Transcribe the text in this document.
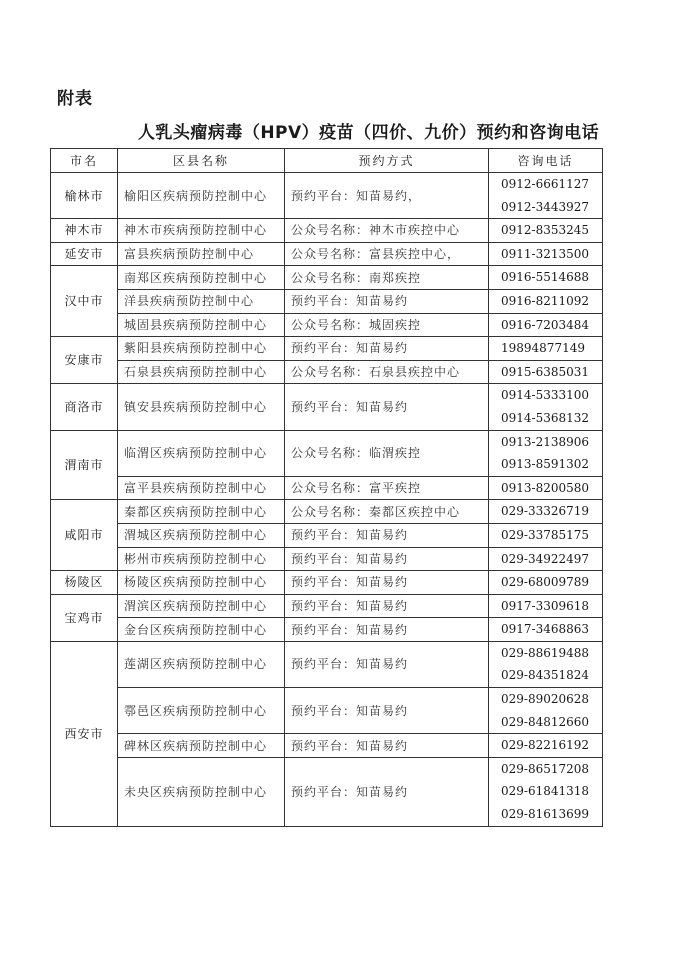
附表
人乳头瘤病毒（HPV）疫苗（四价、九价）预约和咨询电话
市名	区县名称	预约方式	咨询电话
榆林市	榆阳区疾病预防控制中心	预约平台：知苗易约，	0912-6661127
0912-3443927

神木市	神木市疾病预防控制中心	公众号名称：神木市疾控中心	0912-8353245

延安市	富县疾病预防控制中心	公众号名称：富县疾控中心，	0911-3213500

汉中市	南郑区疾病预防控制中心	公众号名称：南郑疾控	0916-5514688

	洋县疾病预防控制中心	预约平台：知苗易约	0916-8211092

	城固县疾病预防控制中心	公众号名称：城固疾控	0916-7203484

安康市	紫阳县疾病预防控制中心	预约平台：知苗易约	19894877149

	石泉县疾病预防控制中心	公众号名称：石泉县疾控中心	0915-6385031

商洛市	镇安县疾病预防控制中心	预约平台：知苗易约	0914-5333100
0914-5368132

渭南市	临渭区疾病预防控制中心	公众号名称：临渭疾控	0913-2138906
0913-8591302

	富平县疾病预防控制中心	公众号名称：富平疾控	0913-8200580

咸阳市	秦都区疾病预防控制中心	公众号名称：秦都区疾控中心	029-33326719

	渭城区疾病预防控制中心	预约平台：知苗易约	029-33785175

	彬州市疾病预防控制中心	预约平台：知苗易约	029-34922497

杨陵区	杨陵区疾病预防控制中心	预约平台：知苗易约	029-68009789

宝鸡市	渭滨区疾病预防控制中心	预约平台：知苗易约	0917-3309618

	金台区疾病预防控制中心	预约平台：知苗易约	0917-3468863

西安市	莲湖区疾病预防控制中心	预约平台：知苗易约	029-88619488
029-84351824

	鄠邑区疾病预防控制中心	预约平台：知苗易约	029-89020628
029-84812660

	碑林区疾病预防控制中心	预约平台：知苗易约	029-82216192

	未央区疾病预防控制中心	预约平台：知苗易约	029-86517208
029-61841318
029-81613699
